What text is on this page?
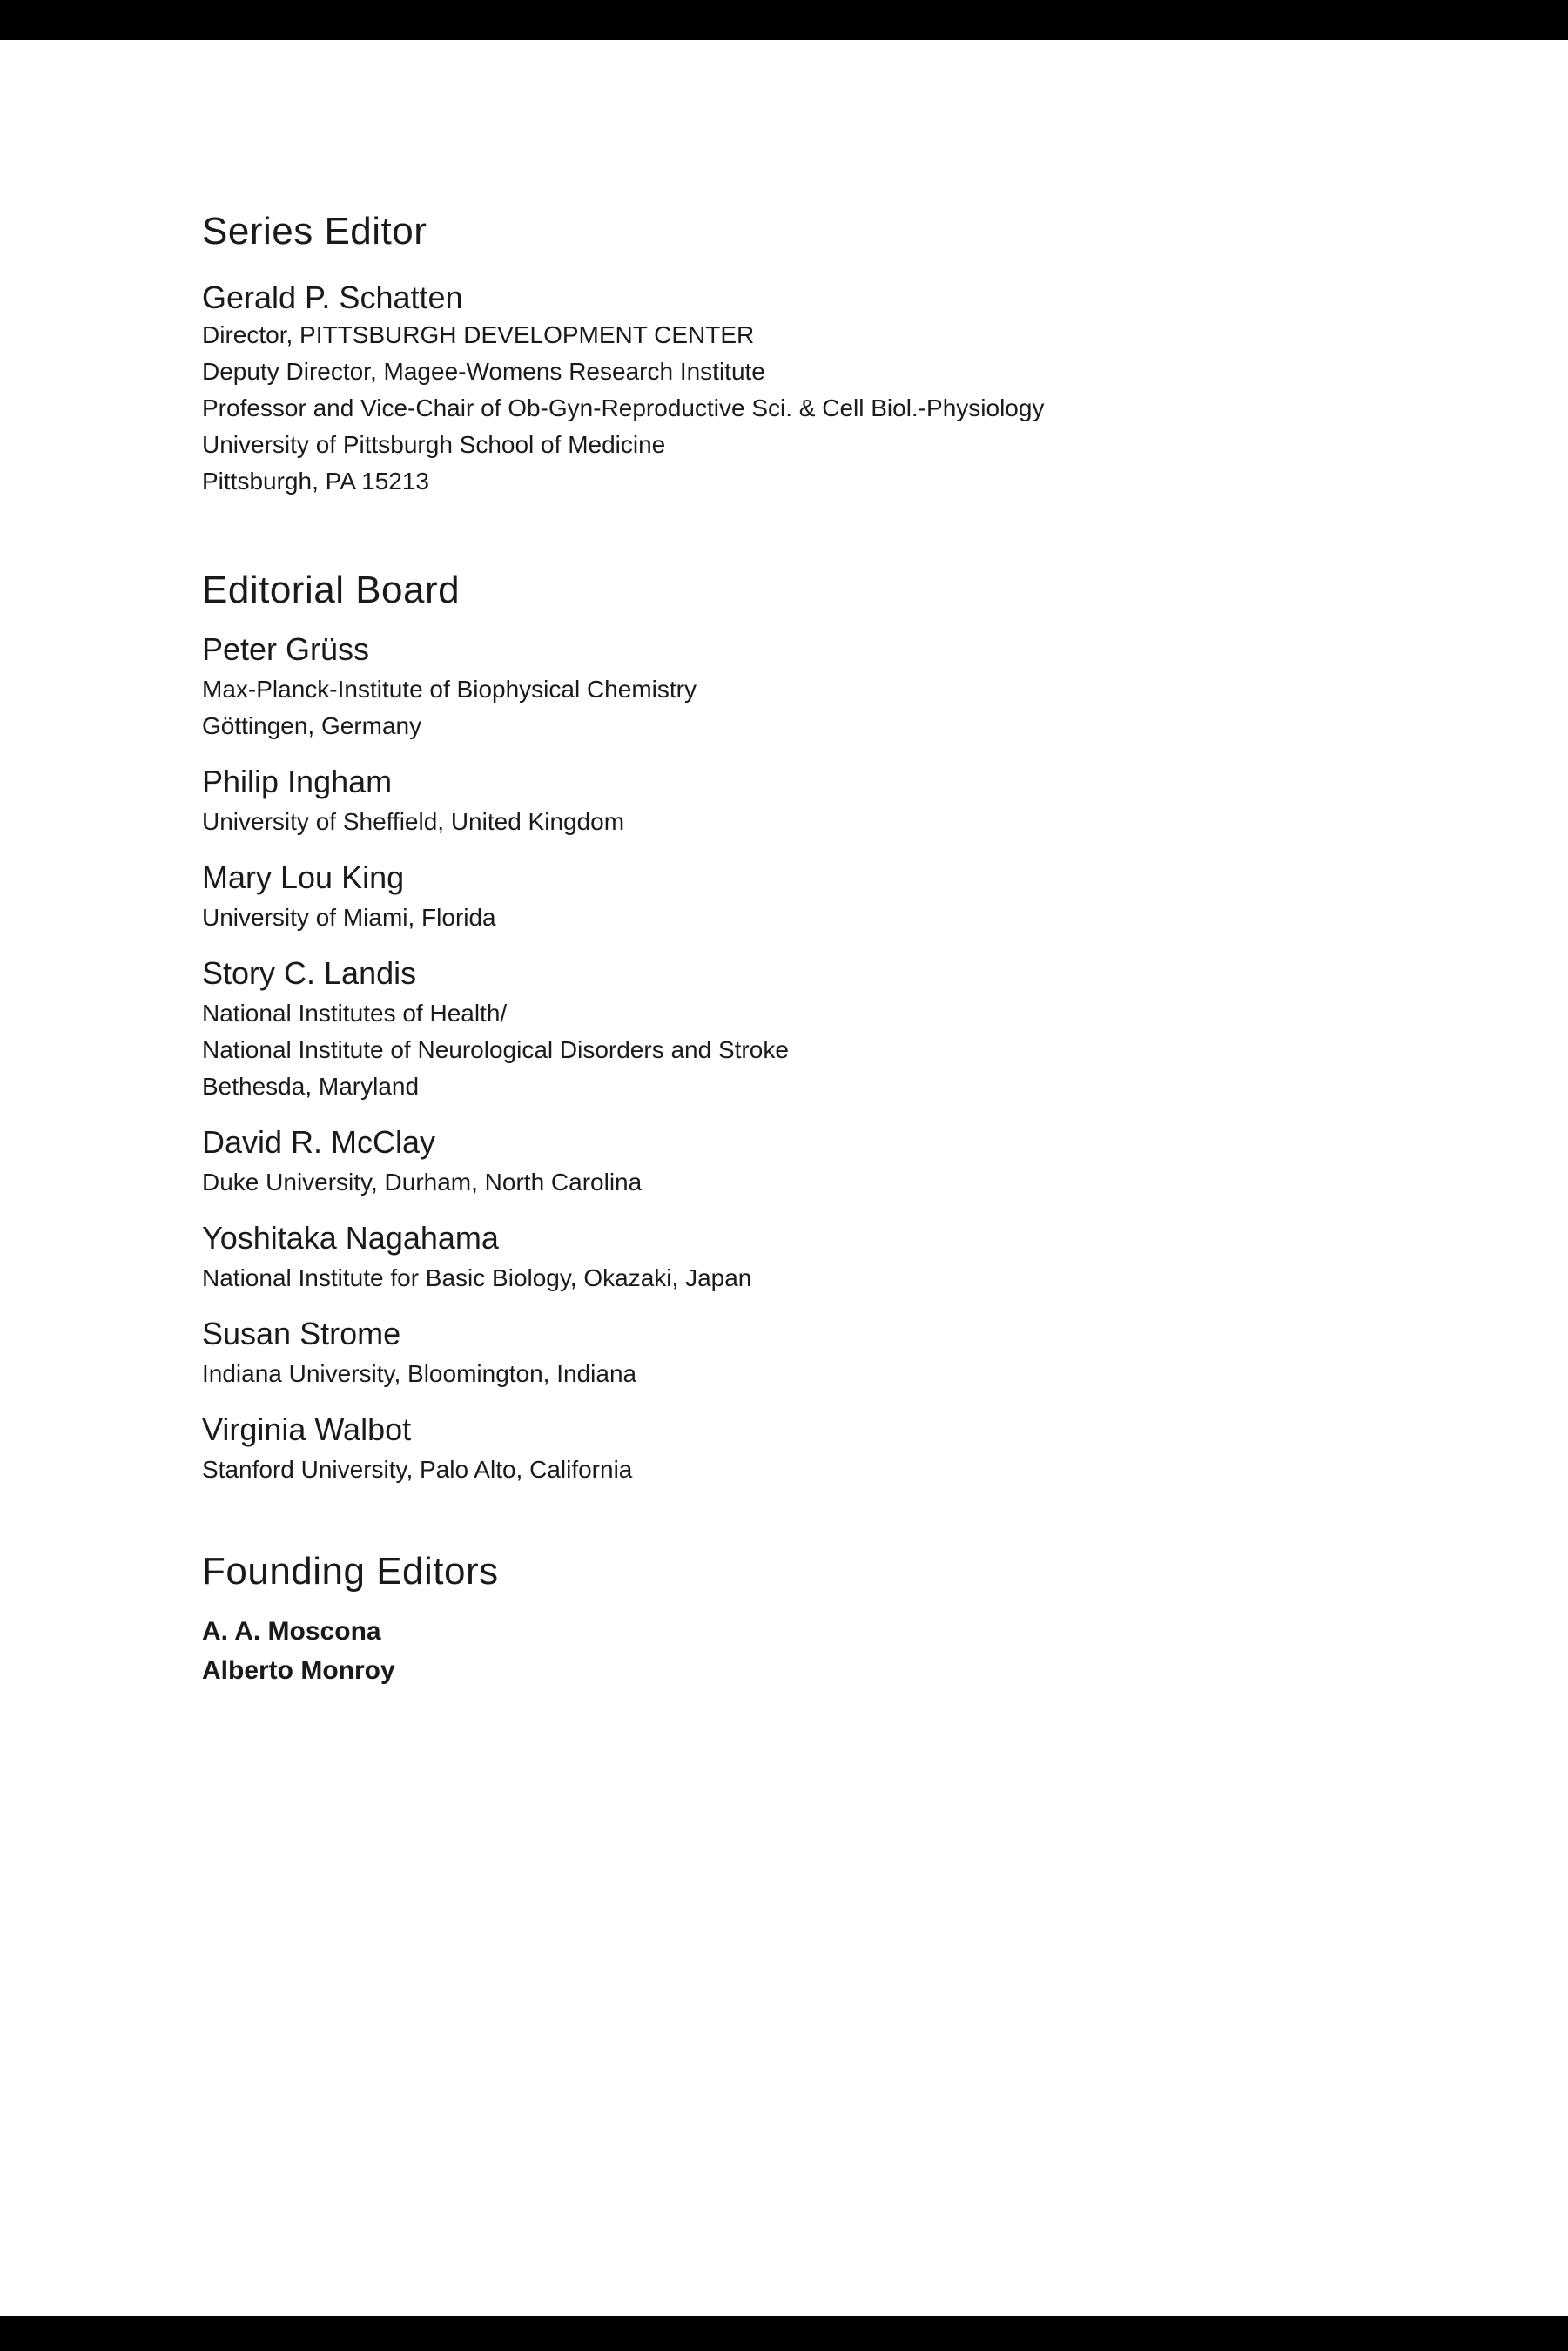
Series Editor
Gerald P. Schatten
Director, PITTSBURGH DEVELOPMENT CENTER
Deputy Director, Magee-Womens Research Institute
Professor and Vice-Chair of Ob-Gyn-Reproductive Sci. & Cell Biol.-Physiology
University of Pittsburgh School of Medicine
Pittsburgh, PA 15213
Editorial Board
Peter Grüss
Max-Planck-Institute of Biophysical Chemistry
Göttingen, Germany
Philip Ingham
University of Sheffield, United Kingdom
Mary Lou King
University of Miami, Florida
Story C. Landis
National Institutes of Health/
National Institute of Neurological Disorders and Stroke
Bethesda, Maryland
David R. McClay
Duke University, Durham, North Carolina
Yoshitaka Nagahama
National Institute for Basic Biology, Okazaki, Japan
Susan Strome
Indiana University, Bloomington, Indiana
Virginia Walbot
Stanford University, Palo Alto, California
Founding Editors
A. A. Moscona
Alberto Monroy
